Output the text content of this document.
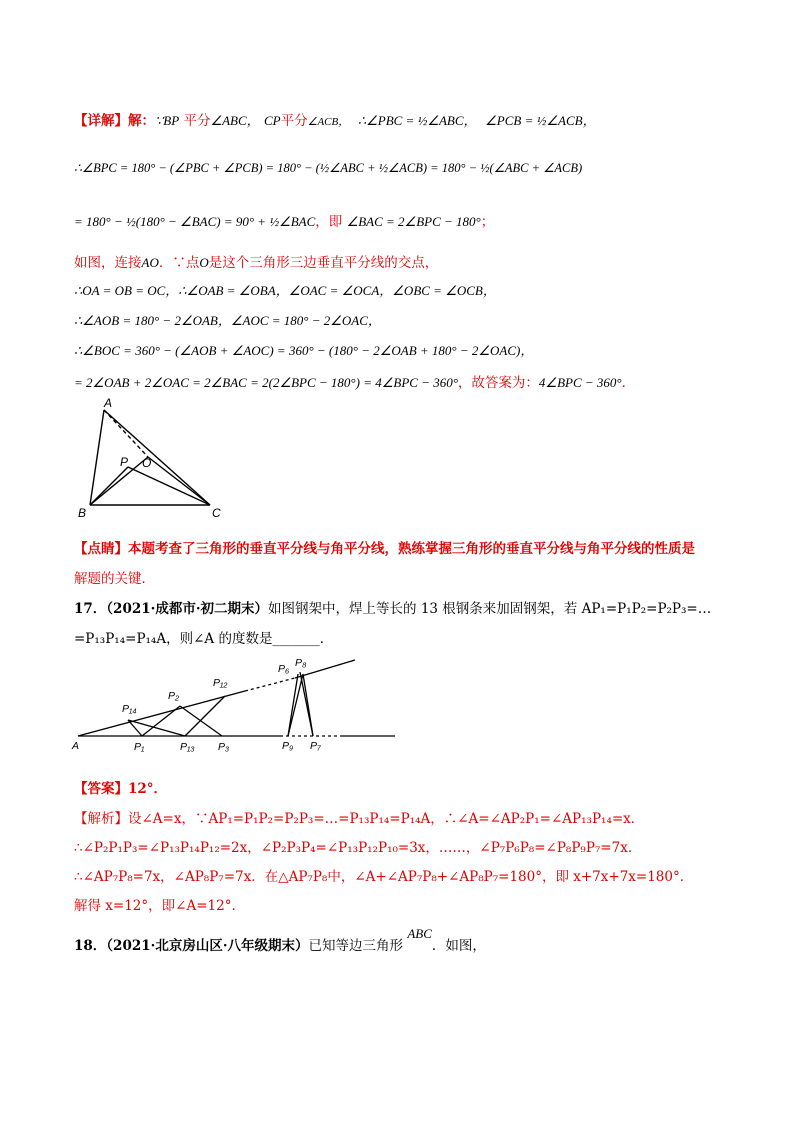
【详解】解：∵BP 平分∠ABC， CP平分∠ACB， ∴∠PBC = ½∠ABC， ∠PCB = ½∠ACB，
∴∠BPC = 180° − (∠PBC + ∠PCB) = 180° − (½∠ABC + ½∠ACB) = 180° − ½(∠ABC + ∠ACB)
= 180° − ½(180° − ∠BAC) = 90° + ½∠BAC，即 ∠BAC = 2∠BPC − 180°；
如图，连接AO．∵点O是这个三角形三边垂直平分线的交点，
∴OA = OB = OC，∴∠OAB = ∠OBA，∠OAC = ∠OCA，∠OBC = ∠OCB，
∴∠AOB = 180° − 2∠OAB，∠AOC = 180° − 2∠OAC，
∴∠BOC = 360° − (∠AOB + ∠AOC) = 360° − (180° − 2∠OAB + 180° − 2∠OAC)，
= 2∠OAB + 2∠OAC = 2∠BAC = 2(2∠BPC − 180°) = 4∠BPC − 360°，故答案为：4∠BPC − 360°．
A
B	C
P O
【点睛】本题考查了三角形的垂直平分线与角平分线，熟练掌握三角形的垂直平分线与角平分线的性质是
解题的关键．
17．（2021·成都市·初二期末）如图钢架中，焊上等长的 13 根钢条来加固钢架，若 AP₁=P₁P₂=P₂P₃=…
=P₁₃P₁₄=P₁₄A，则∠A 的度数是_______．
A	P₁	P₁₃ P₃
P₁₄
P₂
P₁₂
P₉ P₇
P₆ P₈
【答案】12°．
【解析】设∠A=x，∵AP₁=P₁P₂=P₂P₃=…=P₁₃P₁₄=P₁₄A，∴∠A=∠AP₂P₁=∠AP₁₃P₁₄=x．
∴∠P₂P₁P₃=∠P₁₃P₁₄P₁₂=2x，∠P₂P₃P₄=∠P₁₃P₁₂P₁₀=3x，……，∠P₇P₆P₈=∠P₈P₉P₇=7x．
∴∠AP₇P₈=7x，∠AP₈P₇=7x．在△AP₇P₈中，∠A+∠AP₇P₈+∠AP₈P₇=180°，即 x+7x+7x=180°．
解得 x=12°，即∠A=12°．
18．（2021·北京房山区·八年级期末）已知等边三角形 ABC．如图，
